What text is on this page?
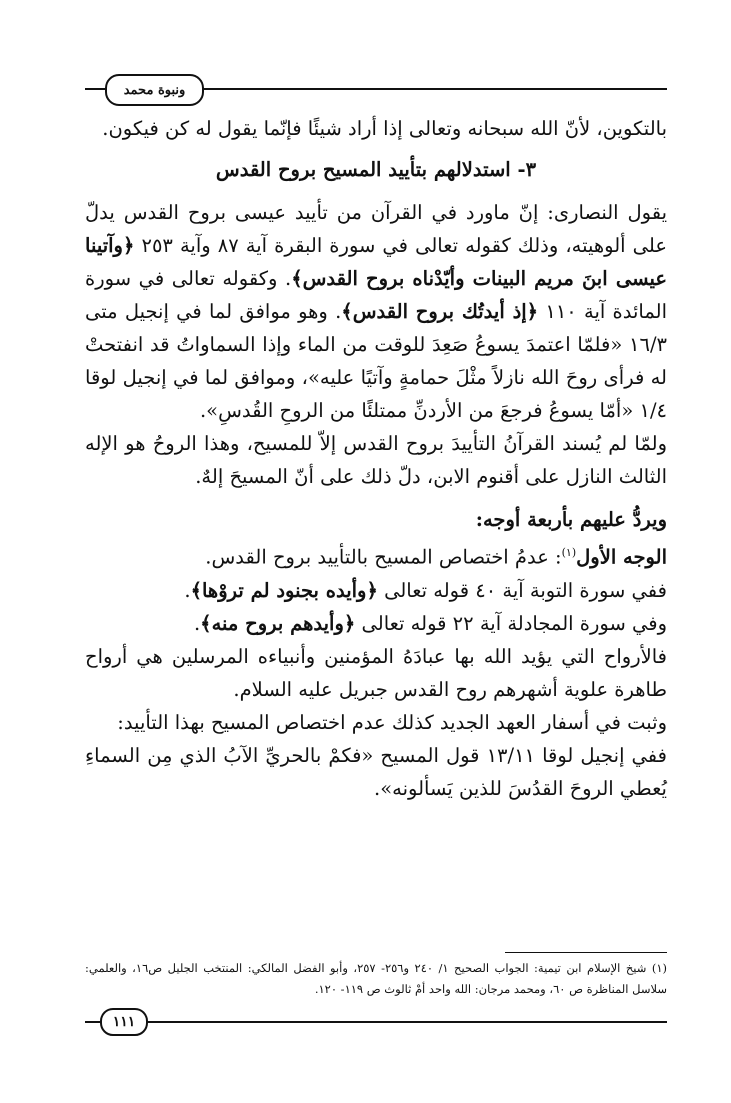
ونبوة محمد

بالتكوين، لأنّ الله سبحانه وتعالى إذا أراد شيئًا فإنّما يقول له كن فيكون.

٣- استدلالهم بتأييد المسيح بروح القدس

يقول النصارى: إنّ ماورد في القرآن من تأييد عيسى بروح القدس يدلّ على ألوهيته، وذلك كقوله تعالى في سورة البقرة آية ٨٧ وآية ٢٥٣ ﴿وآتينا عيسى ابنَ مريم البينات وأيّدْناه بروح القدس﴾. وكقوله تعالى في سورة المائدة آية ١١٠ ﴿إذ أيدتُك بروح القدس﴾. وهو موافق لما في إنجيل متى ١٦/٣ «فلمّا اعتمدَ يسوعُ صَعِدَ للوقت من الماء وإذا السماواتُ قد انفتحتْ له فرأى روحَ الله نازلاً مثْلَ حمامةٍ وآتيًا عليه»، وموافق لما في إنجيل لوقا ١/٤ «أمّا يسوعُ فرجعَ من الأردنِّ ممتلئًا من الروحِ القُدسِ».

ولمّا لم يُسند القرآنُ التأييدَ بروح القدس إلاّ للمسيح، وهذا الروحُ هو الإله الثالث النازل على أقنوم الابن، دلّ ذلك على أنّ المسيحَ إلهٌ.

ويردُّ عليهم بأربعة أوجه:

الوجه الأول$^{(١)}$: عدمُ اختصاص المسيح بالتأييد بروح القدس.

ففي سورة التوبة آية ٤٠ قوله تعالى ﴿وأيده بجنود لم تروْها﴾.

وفي سورة المجادلة آية ٢٢ قوله تعالى ﴿وأيدهم بروح منه﴾.

فالأرواح التي يؤيد الله بها عبادَهُ المؤمنين وأنبياءه المرسلين هي أرواح طاهرة علوية أشهرهم روح القدس جبريل عليه السلام.

وثبت في أسفار العهد الجديد كذلك عدم اختصاص المسيح بهذا التأييد:

ففي إنجيل لوقا ١٣/١١ قول المسيح «فكمْ بالحريِّ الآبُ الذي مِن السماءِ يُعطي الروحَ القدُسَ للذين يَسألونه».

(١) شيخ الإسلام ابن تيمية: الجواب الصحيح ١/ ٢٤٠ و٢٥٦- ٢٥٧، وأبو الفضل المالكي: المنتخب الجليل ص١٦، والعلمي: سلاسل المناظرة ص ٦٠، ومحمد مرجان: الله واحد أمْ ثالوث ص ١١٩- ١٢٠.

١١١
